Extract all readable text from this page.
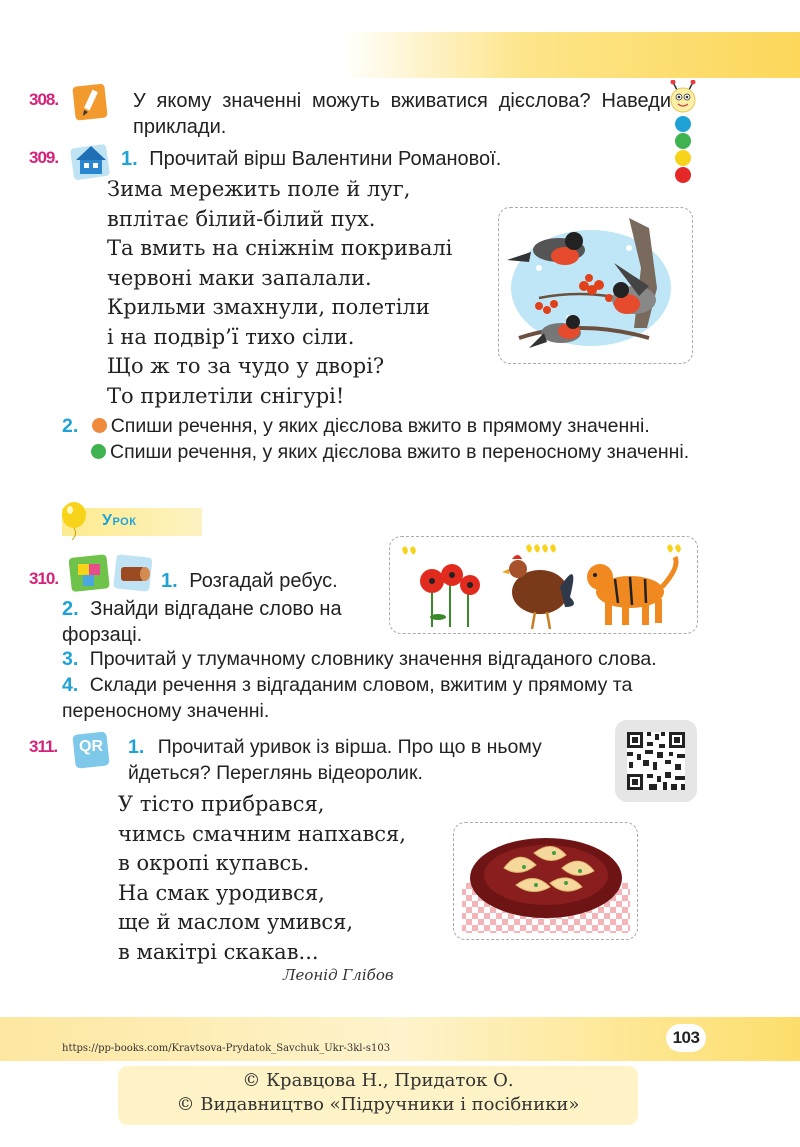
308.	У якому значенні можуть вживатися дієслова? Наведи приклади.
309.	1. Прочитай вірш Валентини Романової.
Зима мережить поле й луг,
вплітає білий-білий пух.
Та вмить на сніжнім покривалі
червоні маки запалали.
Крильми змахнули, полетіли
і на подвір’ї тихо сіли.
Що ж то за чудо у дворі?
То прилетіли снігурі!
2. Спиши речення, у яких дієслова вжито в прямому значенні.
Спиши речення, у яких дієслова вжито в переносному значенні.
Урок
310.	1. Розгадай ребус.
2. Знайди відгадане слово на форзаці.
3. Прочитай у тлумачному словнику значення відгаданого слова.
4. Склади речення з відгаданим словом, вжитим у прямому та переносному значенні.
311. QR 1. Прочитай уривок із вірша. Про що в ньому йдеться? Переглянь відеоролик.
У тісто прибрався,
чимсь смачним напхався,
в окропі купавсь.
На смак уродився,
ще й маслом умився,
в макітрі скакав...
Леонід Глібов
https://pp-books.com/Kravtsova-Prydatok_Savchuk_Ukr-3kl-s103
103
© Кравцова Н., Придаток О.
© Видавництво «Підручники і посібники»
